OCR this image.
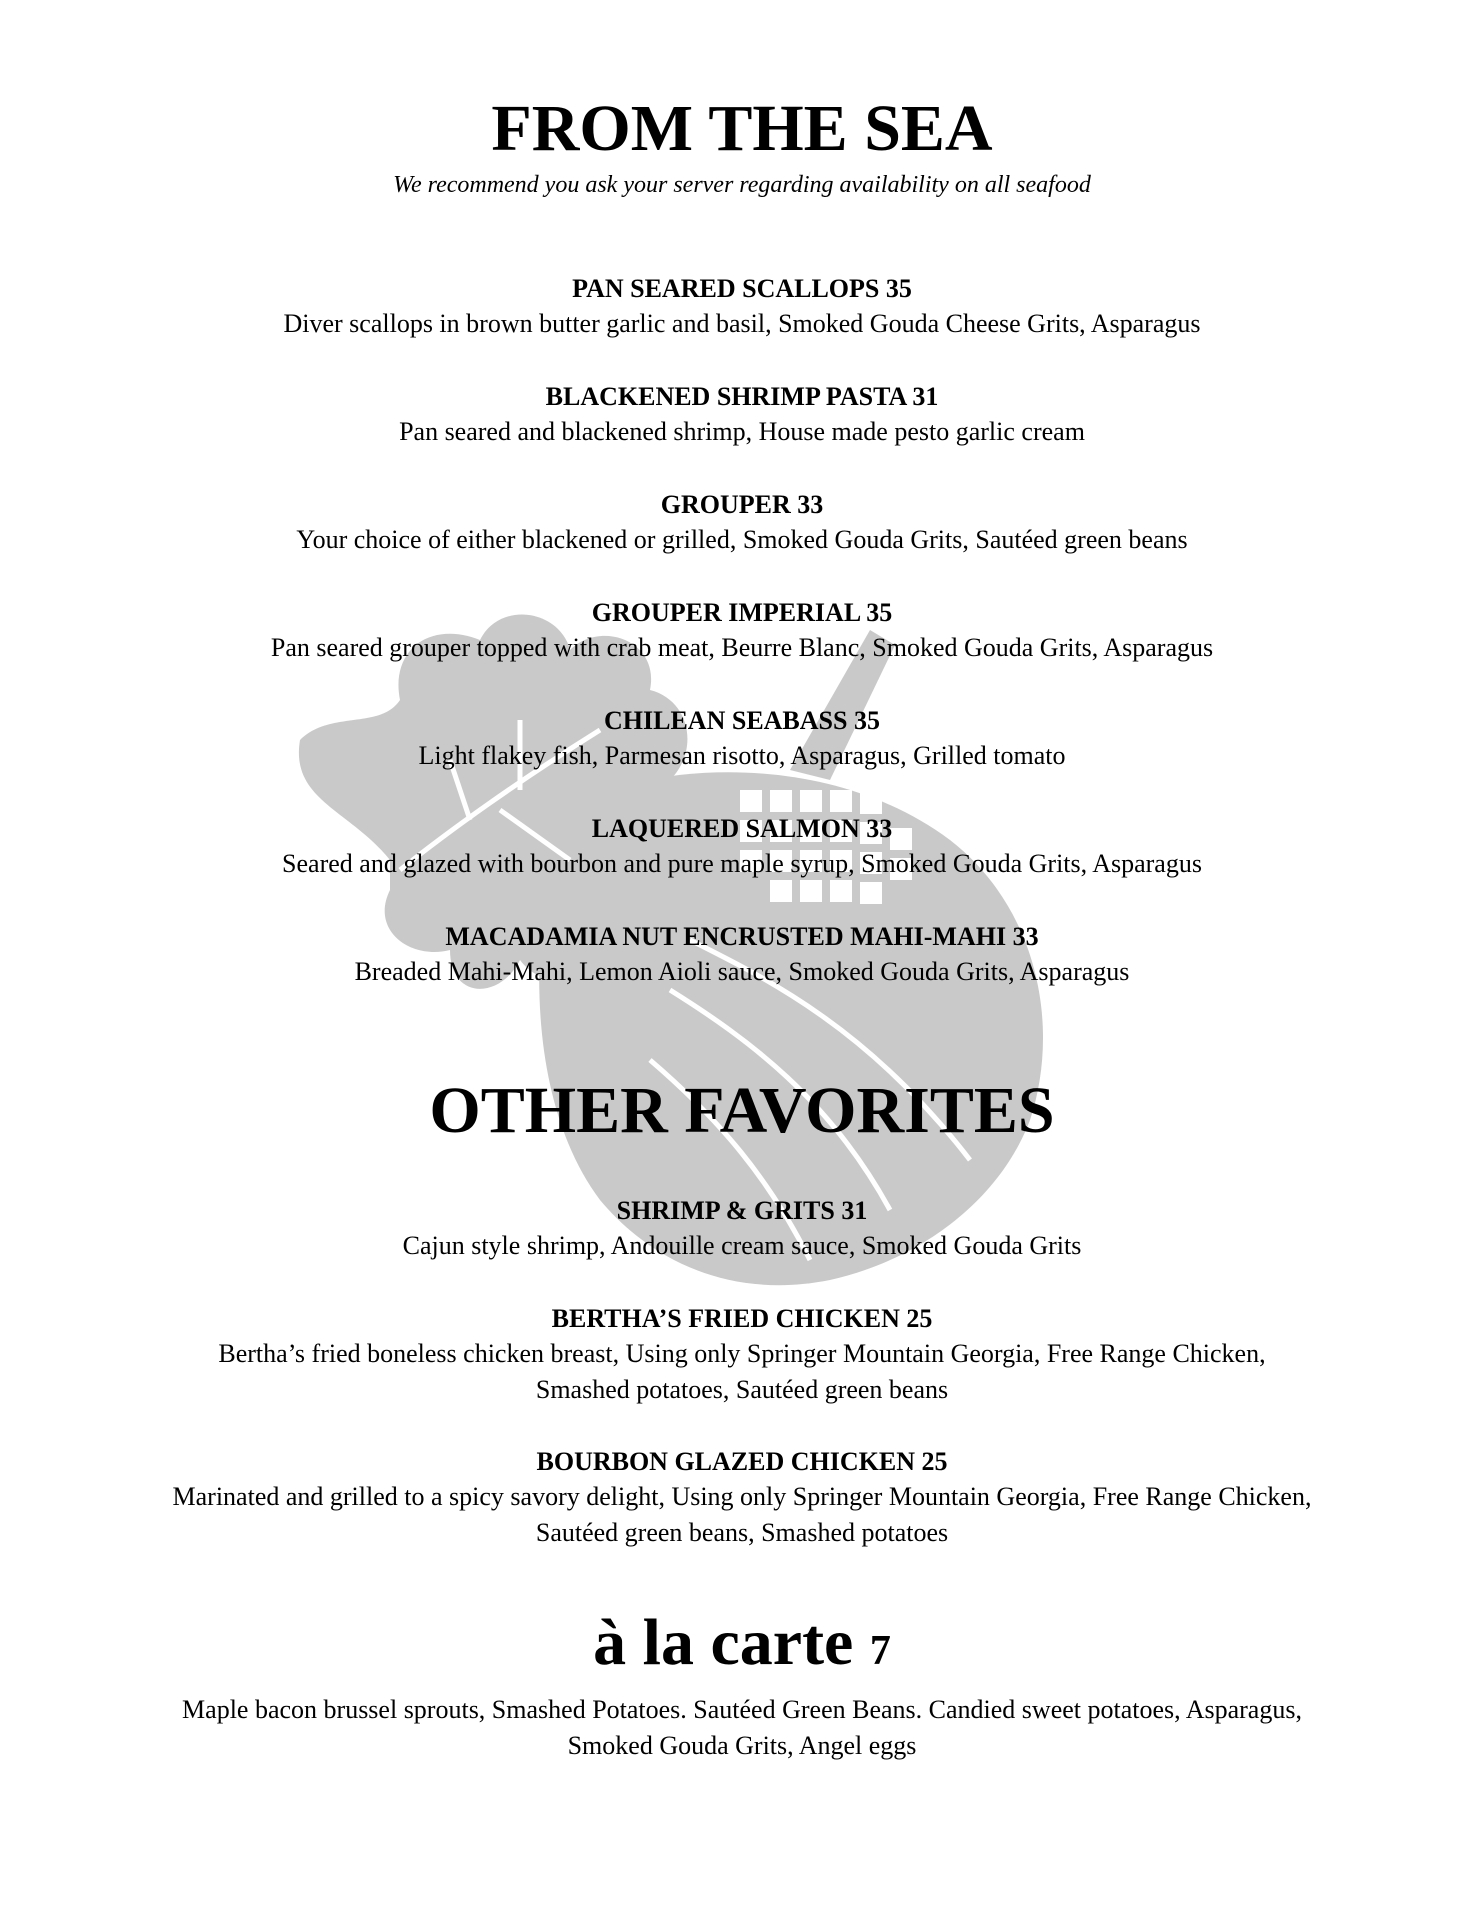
FROM THE SEA
We recommend you ask your server regarding availability on all seafood
PAN SEARED SCALLOPS 35
Diver scallops in brown butter garlic and basil, Smoked Gouda Cheese Grits, Asparagus
BLACKENED SHRIMP PASTA 31
Pan seared and blackened shrimp, House made pesto garlic cream
GROUPER 33
Your choice of either blackened or grilled, Smoked Gouda Grits, Sautéed green beans
GROUPER IMPERIAL 35
Pan seared grouper topped with crab meat, Beurre Blanc, Smoked Gouda Grits, Asparagus
CHILEAN SEABASS 35
Light flakey fish, Parmesan risotto, Asparagus, Grilled tomato
LAQUERED SALMON 33
Seared and glazed with bourbon and pure maple syrup, Smoked Gouda Grits, Asparagus
MACADAMIA NUT ENCRUSTED MAHI-MAHI 33
Breaded Mahi-Mahi, Lemon Aioli sauce, Smoked Gouda Grits, Asparagus
OTHER FAVORITES
SHRIMP & GRITS 31
Cajun style shrimp, Andouille cream sauce, Smoked Gouda Grits
BERTHA’S FRIED CHICKEN 25
Bertha’s fried boneless chicken breast, Using only Springer Mountain Georgia, Free Range Chicken,
Smashed potatoes, Sautéed green beans
BOURBON GLAZED CHICKEN 25
Marinated and grilled to a spicy savory delight, Using only Springer Mountain Georgia, Free Range Chicken,
Sautéed green beans, Smashed potatoes
à la carte 7
Maple bacon brussel sprouts, Smashed Potatoes. Sautéed Green Beans. Candied sweet potatoes, Asparagus,
Smoked Gouda Grits, Angel eggs
